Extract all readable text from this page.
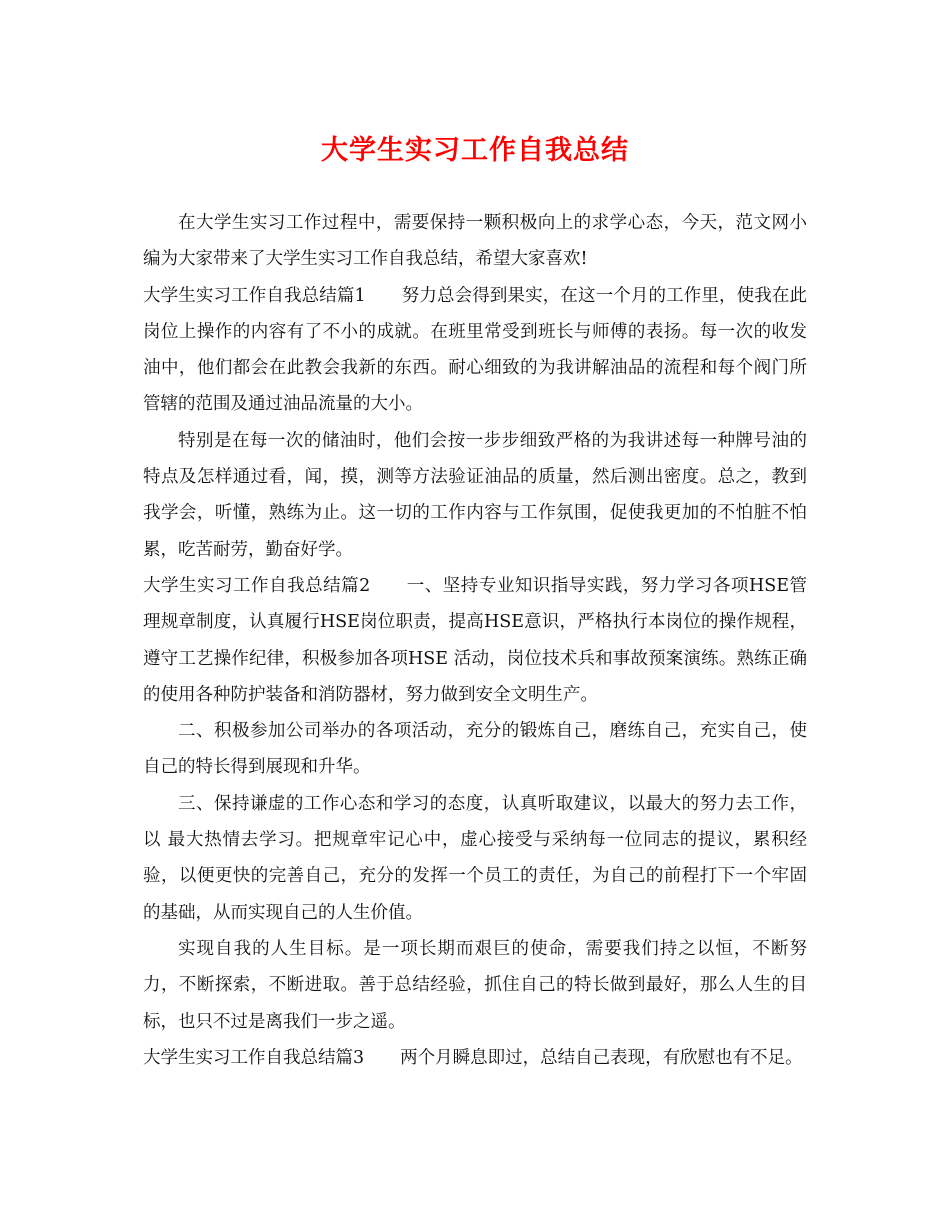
大学生实习工作自我总结

在大学生实习工作过程中，需要保持一颗积极向上的求学心态，今天，范文网小编为大家带来了大学生实习工作自我总结，希望大家喜欢!

大学生实习工作自我总结篇1 努力总会得到果实，在这一个月的工作里，使我在此岗位上操作的内容有了不小的成就。在班里常受到班长与师傅的表扬。每一次的收发油中，他们都会在此教会我新的东西。耐心细致的为我讲解油品的流程和每个阀门所管辖的范围及通过油品流量的大小。

特别是在每一次的储油时，他们会按一步步细致严格的为我讲述每一种牌号油的特点及怎样通过看，闻，摸，测等方法验证油品的质量，然后测出密度。总之，教到我学会，听懂，熟练为止。这一切的工作内容与工作氛围，促使我更加的不怕脏不怕累，吃苦耐劳，勤奋好学。

大学生实习工作自我总结篇2 一、坚持专业知识指导实践，努力学习各项HSE管理规章制度，认真履行HSE岗位职责，提高HSE意识，严格执行本岗位的操作规程，遵守工艺操作纪律，积极参加各项HSE 活动，岗位技术兵和事故预案演练。熟练正确的使用各种防护装备和消防器材，努力做到安全文明生产。

二、积极参加公司举办的各项活动，充分的锻炼自己，磨练自己，充实自己，使自己的特长得到展现和升华。

三、保持谦虚的工作心态和学习的态度，认真听取建议，以最大的努力去工作，以 最大热情去学习。把规章牢记心中，虚心接受与采纳每一位同志的提议，累积经验，以便更快的完善自己，充分的发挥一个员工的责任，为自己的前程打下一个牢固的基础，从而实现自己的人生价值。

实现自我的人生目标。是一项长期而艰巨的使命，需要我们持之以恒，不断努力，不断探索，不断进取。善于总结经验，抓住自己的特长做到最好，那么人生的目标，也只不过是离我们一步之遥。

大学生实习工作自我总结篇3 两个月瞬息即过，总结自己表现，有欣慰也有不足。
